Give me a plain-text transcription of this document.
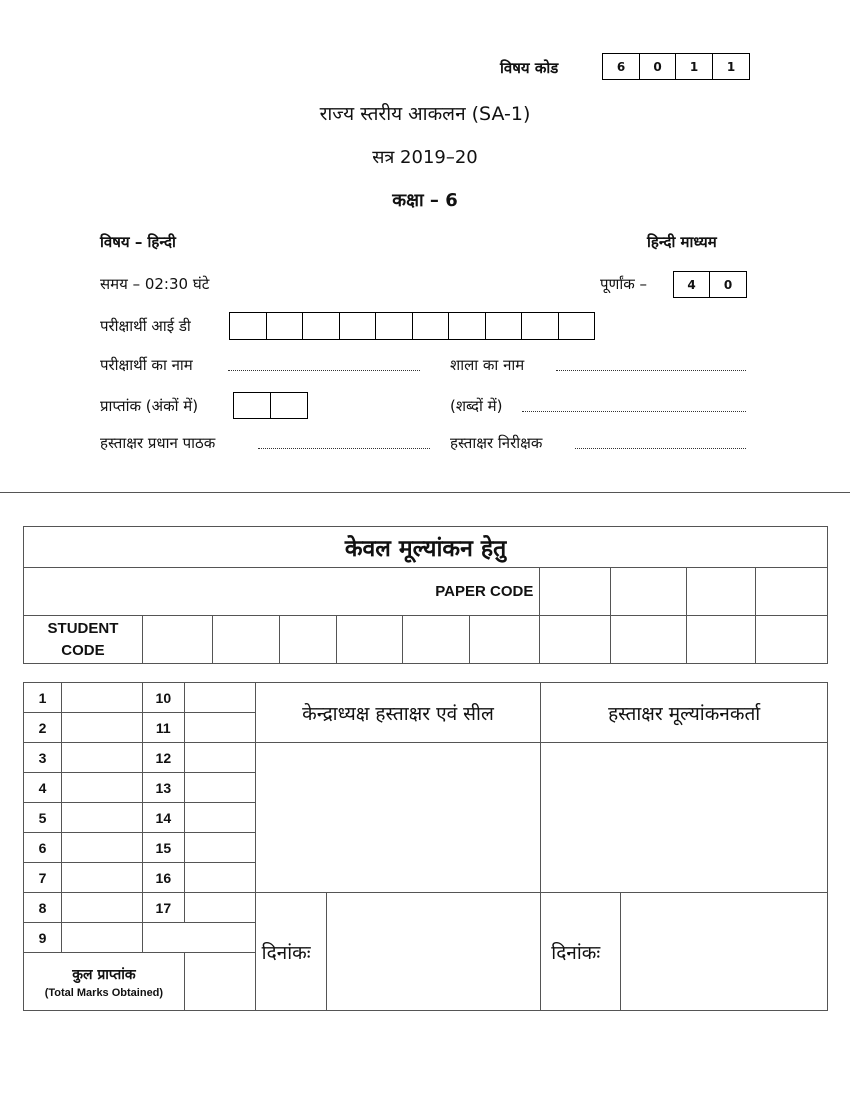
विषय कोड	6	0	1	1
राज्य स्तरीय आकलन (SA-1)
सत्र 2019–20
कक्षा – 6
विषय – हिन्दी	हिन्दी माध्यम
समय – 02:30 घंटे	पूर्णांक –	4	0
परीक्षार्थी आई डी
परीक्षार्थी का नाम	शाला का नाम
प्राप्तांक (अंकों में)	(शब्दों में)
हस्ताक्षर प्रधान पाठक	हस्ताक्षर निरीक्षक
केवल मूल्यांकन हेतु										
PAPER CODE										

STUDENT
CODE										

1		10		केन्द्राध्यक्ष हस्ताक्षर एवं सील		हस्ताक्षर मूल्यांकनकर्ता	
2		11					
3		12					
4		13					
5		14					
6		15					
7		16					
8		17		दिनांकः		दिनांकः	
9							

कुल प्राप्तांक
(Total Marks Obtained)							
